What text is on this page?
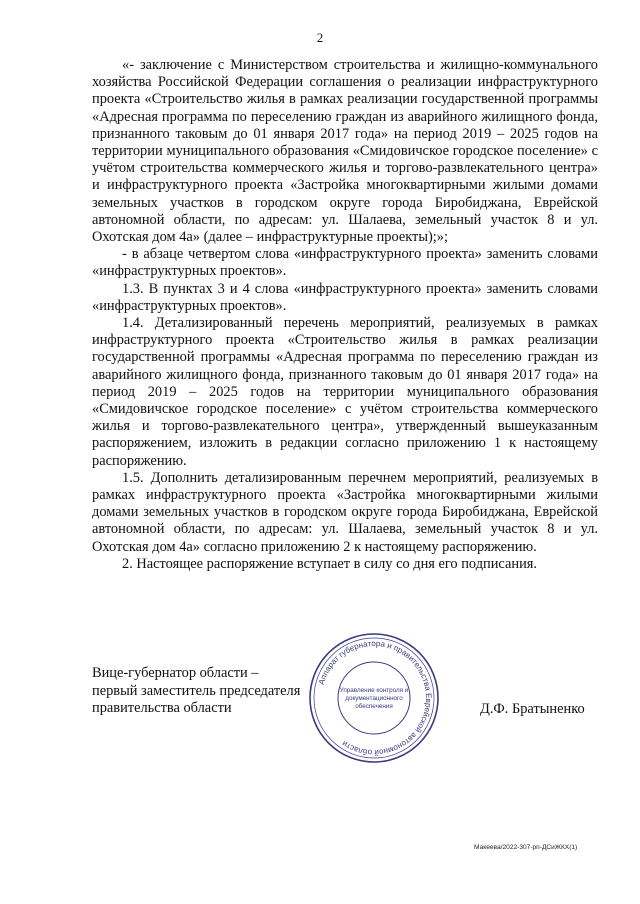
2

«- заключение с Министерством строительства и жилищно-коммунального хозяйства Российской Федерации соглашения о реализации инфраструктурного проекта «Строительство жилья в рамках реализации государственной программы «Адресная программа по переселению граждан из аварийного жилищного фонда, признанного таковым до 01 января 2017 года» на период 2019 – 2025 годов на территории муниципального образования «Смидовичское городское поселение» с учётом строительства коммерческого жилья и торгово-развлекательного центра» и инфраструктурного проекта «Застройка многоквартирными жилыми домами земельных участков в городском округе города Биробиджана, Еврейской автономной области, по адресам: ул. Шалаева, земельный участок 8 и ул. Охотская дом 4а» (далее – инфраструктурные проекты);»;

- в абзаце четвертом слова «инфраструктурного проекта» заменить словами «инфраструктурных проектов».

1.3. В пунктах 3 и 4 слова «инфраструктурного проекта» заменить словами «инфраструктурных проектов».

1.4. Детализированный перечень мероприятий, реализуемых в рамках инфраструктурного проекта «Строительство жилья в рамках реализации государственной программы «Адресная программа по переселению граждан из аварийного жилищного фонда, признанного таковым до 01 января 2017 года» на период 2019 – 2025 годов на территории муниципального образования «Смидовичское городское поселение» с учётом строительства коммерческого жилья и торгово-развлекательного центра», утвержденный вышеуказанным распоряжением, изложить в редакции согласно приложению 1 к настоящему распоряжению.

1.5. Дополнить детализированным перечнем мероприятий, реализуемых в рамках инфраструктурного проекта «Застройка многоквартирными жилыми домами земельных участков в городском округе города Биробиджана, Еврейской автономной области, по адресам: ул. Шалаева, земельный участок 8 и ул. Охотская дом 4а» согласно приложению 2 к настоящему распоряжению.

2. Настоящее распоряжение вступает в силу со дня его подписания.

Вице-губернатор области –
первый заместитель председателя
правительства области	Д.Ф. Братыненко
Аппарат губернатора и правительства Еврейской автономной области
Управление контроля и
документационного
обеспечения
Макеева/2022-307-рп-ДСиЖКХ(1)
